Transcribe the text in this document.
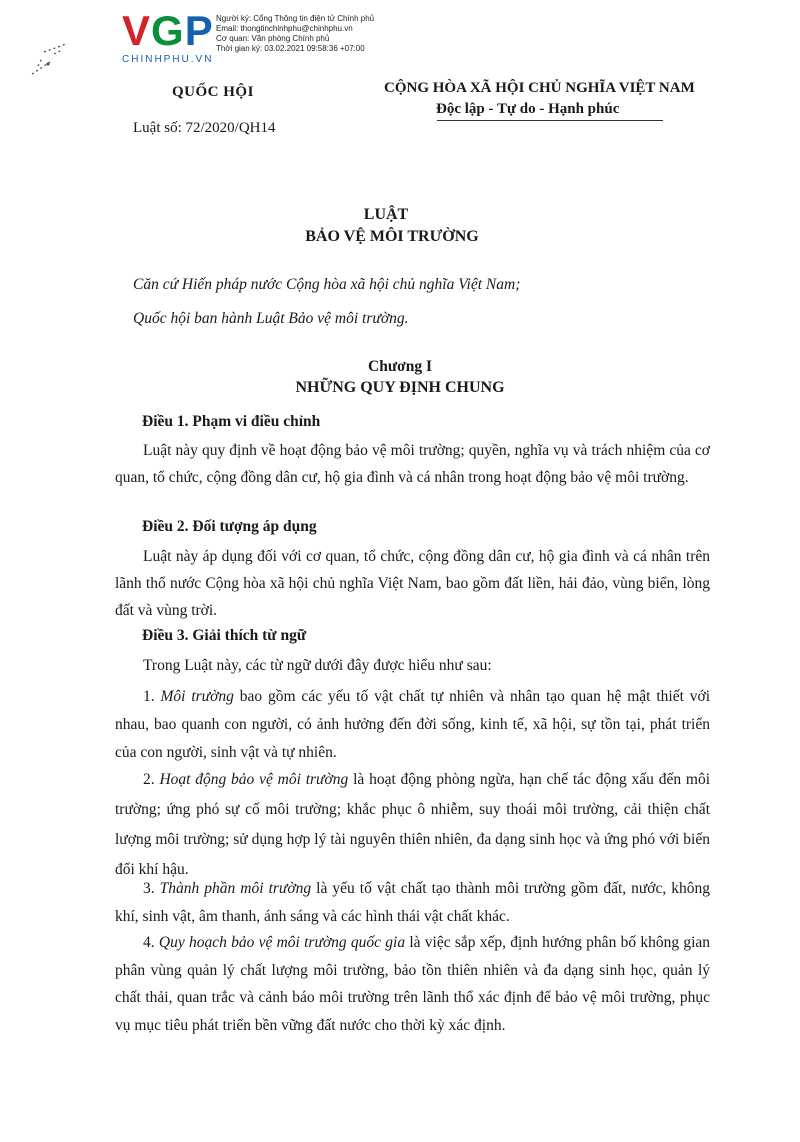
VGP
CHINHPHU.VN
Người ký: Cổng Thông tin điện tử Chính phủ
Email: thongtinchinhphu@chinhphu.vn
Cơ quan: Văn phòng Chính phủ
Thời gian ký: 03.02.2021 09:58:36 +07:00
QUỐC HỘI
Luật số: 72/2020/QH14
CỘNG HÒA XÃ HỘI CHỦ NGHĨA VIỆT NAM
Độc lập - Tự do - Hạnh phúc
LUẬT
BẢO VỆ MÔI TRƯỜNG
Căn cứ Hiến pháp nước Cộng hòa xã hội chủ nghĩa Việt Nam;
Quốc hội ban hành Luật Bảo vệ môi trường.
Chương I
NHỮNG QUY ĐỊNH CHUNG
Điều 1. Phạm vi điều chỉnh
Luật này quy định về hoạt động bảo vệ môi trường; quyền, nghĩa vụ và trách nhiệm của cơ quan, tổ chức, cộng đồng dân cư, hộ gia đình và cá nhân trong hoạt động bảo vệ môi trường.
Điều 2. Đối tượng áp dụng
Luật này áp dụng đối với cơ quan, tổ chức, cộng đồng dân cư, hộ gia đình và cá nhân trên lãnh thổ nước Cộng hòa xã hội chủ nghĩa Việt Nam, bao gồm đất liền, hải đảo, vùng biển, lòng đất và vùng trời.
Điều 3. Giải thích từ ngữ
Trong Luật này, các từ ngữ dưới đây được hiểu như sau:
1. Môi trường bao gồm các yếu tố vật chất tự nhiên và nhân tạo quan hệ mật thiết với nhau, bao quanh con người, có ảnh hưởng đến đời sống, kinh tế, xã hội, sự tồn tại, phát triển của con người, sinh vật và tự nhiên.
2. Hoạt động bảo vệ môi trường là hoạt động phòng ngừa, hạn chế tác động xấu đến môi trường; ứng phó sự cố môi trường; khắc phục ô nhiễm, suy thoái môi trường, cải thiện chất lượng môi trường; sử dụng hợp lý tài nguyên thiên nhiên, đa dạng sinh học và ứng phó với biến đổi khí hậu.
3. Thành phần môi trường là yếu tố vật chất tạo thành môi trường gồm đất, nước, không khí, sinh vật, âm thanh, ánh sáng và các hình thái vật chất khác.
4. Quy hoạch bảo vệ môi trường quốc gia là việc sắp xếp, định hướng phân bố không gian phân vùng quản lý chất lượng môi trường, bảo tồn thiên nhiên và đa dạng sinh học, quản lý chất thải, quan trắc và cảnh báo môi trường trên lãnh thổ xác định để bảo vệ môi trường, phục vụ mục tiêu phát triển bền vững đất nước cho thời kỳ xác định.
